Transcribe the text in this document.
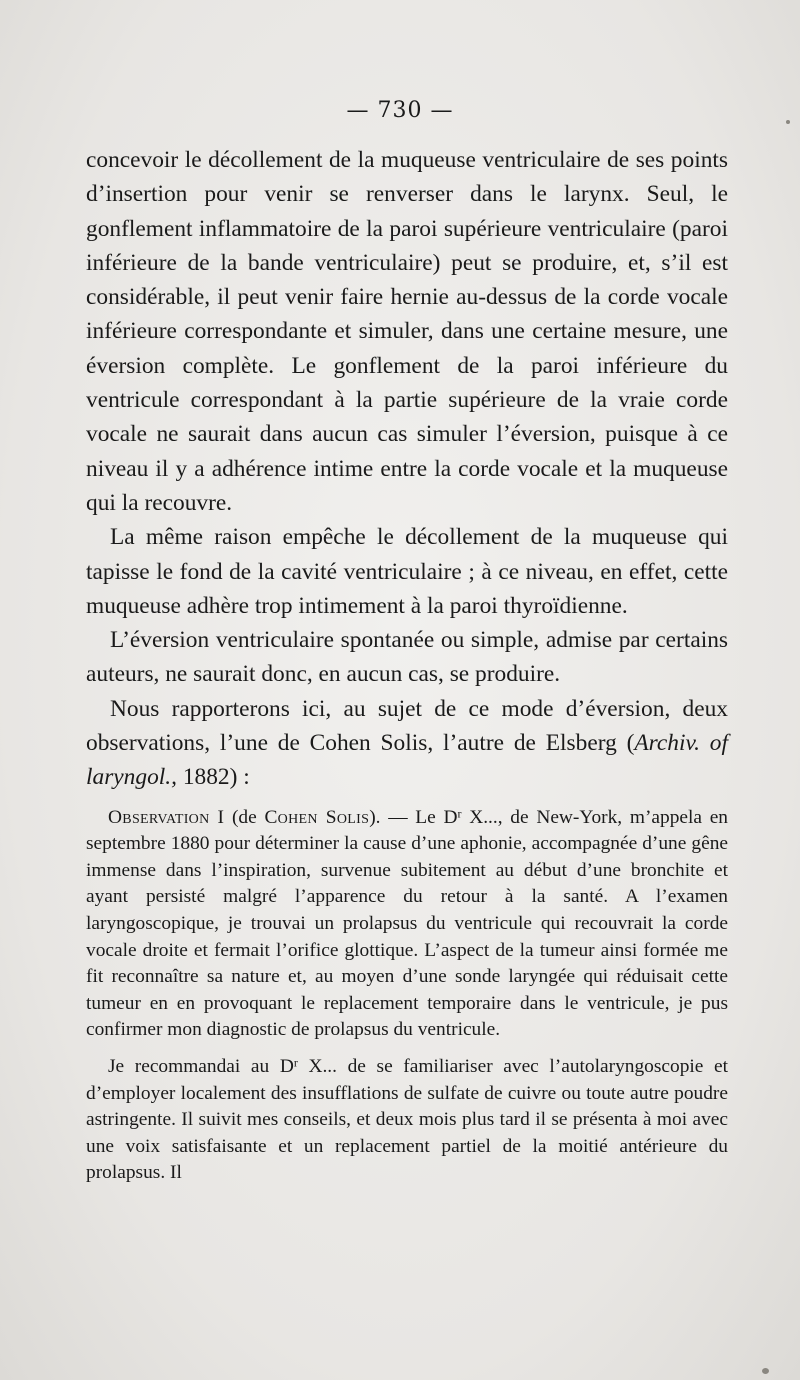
— 730 —

concevoir le décollement de la muqueuse ventriculaire de ses points d’insertion pour venir se renverser dans le larynx. Seul, le gonflement inflammatoire de la paroi supérieure ventriculaire (paroi inférieure de la bande ventriculaire) peut se produire, et, s’il est considérable, il peut venir faire hernie au-dessus de la corde vocale inférieure correspondante et simuler, dans une certaine mesure, une éversion complète. Le gonflement de la paroi inférieure du ventricule correspondant à la partie supérieure de la vraie corde vocale ne saurait dans aucun cas simuler l’éversion, puisque à ce niveau il y a adhérence intime entre la corde vocale et la muqueuse qui la recouvre.

La même raison empêche le décollement de la muqueuse qui tapisse le fond de la cavité ventriculaire ; à ce niveau, en effet, cette muqueuse adhère trop intimement à la paroi thyroïdienne.

L’éversion ventriculaire spontanée ou simple, admise par certains auteurs, ne saurait donc, en aucun cas, se produire.

Nous rapporterons ici, au sujet de ce mode d’éversion, deux observations, l’une de Cohen Solis, l’autre de Elsberg (Archiv. of laryngol., 1882) :

Observation I (de Cohen Solis). — Le $D^r$ X..., de New-York, m’appela en septembre 1880 pour déterminer la cause d’une aphonie, accompagnée d’une gêne immense dans l’inspiration, survenue subitement au début d’une bronchite et ayant persisté malgré l’apparence du retour à la santé. A l’examen laryngoscopique, je trouvai un prolapsus du ventricule qui recouvrait la corde vocale droite et fermait l’orifice glottique. L’aspect de la tumeur ainsi formée me fit reconnaître sa nature et, au moyen d’une sonde laryngée qui réduisait cette tumeur en en provoquant le replacement temporaire dans le ventricule, je pus confirmer mon diagnostic de prolapsus du ventricule.

Je recommandai au $D^r$ X... de se familiariser avec l’autolaryngoscopie et d’employer localement des insufflations de sulfate de cuivre ou toute autre poudre astringente. Il suivit mes conseils, et deux mois plus tard il se présenta à moi avec une voix satisfaisante et un replacement partiel de la moitié antérieure du prolapsus. Il
